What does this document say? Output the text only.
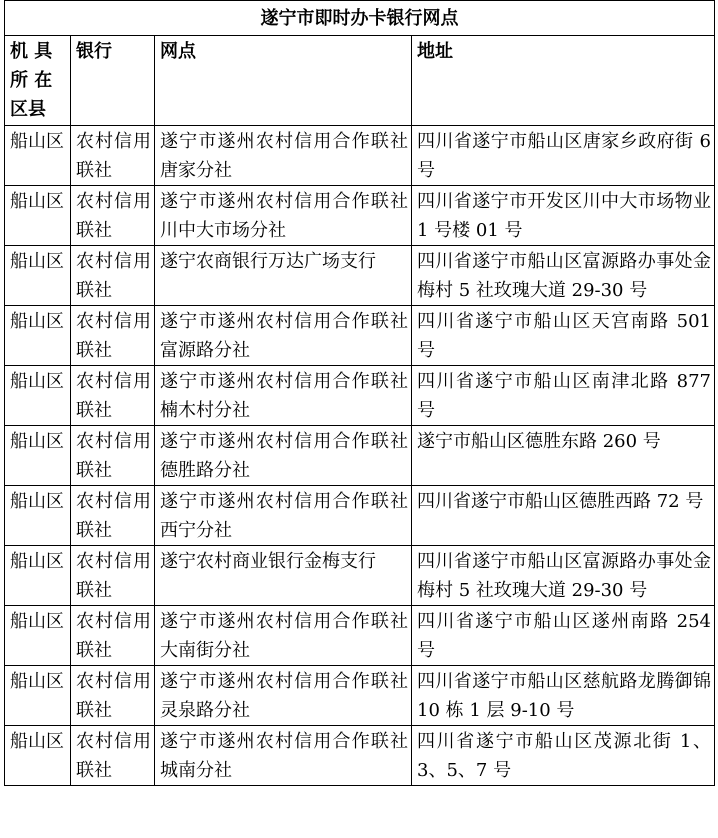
遂宁市即时办卡银行网点			
机 具所 在区县	银行	网点	地址
船山区	农村信用联社	遂宁市遂州农村信用合作联社唐家分社	四川省遂宁市船山区唐家乡政府街 6 号
船山区	农村信用联社	遂宁市遂州农村信用合作联社川中大市场分社	四川省遂宁市开发区川中大市场物业 1 号楼 01 号
船山区	农村信用联社	遂宁农商银行万达广场支行	四川省遂宁市船山区富源路办事处金梅村 5 社玫瑰大道 29-30 号
船山区	农村信用联社	遂宁市遂州农村信用合作联社富源路分社	四川省遂宁市船山区天宫南路 501 号
船山区	农村信用联社	遂宁市遂州农村信用合作联社楠木村分社	四川省遂宁市船山区南津北路 877 号
船山区	农村信用联社	遂宁市遂州农村信用合作联社德胜路分社	遂宁市船山区德胜东路 260 号
船山区	农村信用联社	遂宁市遂州农村信用合作联社西宁分社	四川省遂宁市船山区德胜西路 72 号
船山区	农村信用联社	遂宁农村商业银行金梅支行	四川省遂宁市船山区富源路办事处金梅村 5 社玫瑰大道 29-30 号
船山区	农村信用联社	遂宁市遂州农村信用合作联社大南街分社	四川省遂宁市船山区遂州南路 254 号
船山区	农村信用联社	遂宁市遂州农村信用合作联社灵泉路分社	四川省遂宁市船山区慈航路龙腾御锦 10 栋 1 层 9-10 号
船山区	农村信用联社	遂宁市遂州农村信用合作联社城南分社	四川省遂宁市船山区茂源北街 1、3、5、7 号
